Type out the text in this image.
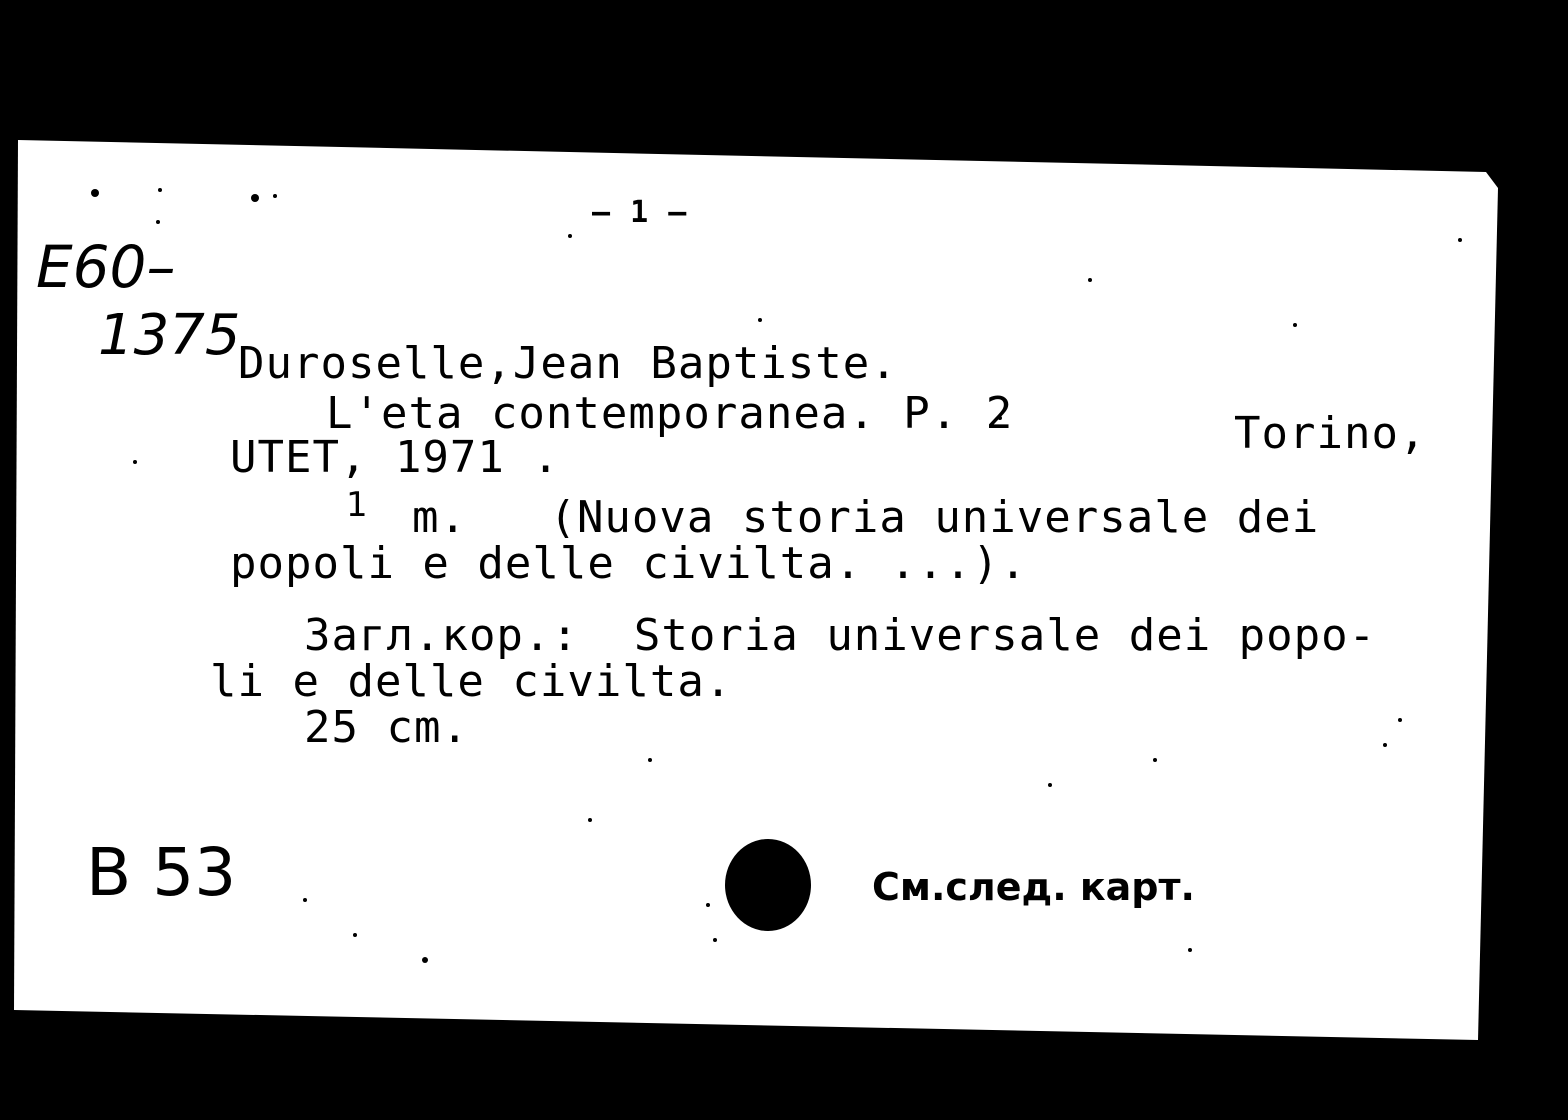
– 1 –
E60–
1375
Duroselle,Jean Baptiste.
L'eta contemporanea. P. 2	Torino,
UTET, 1971 .
1 m.   (Nuova storia universale dei
popoli e delle civilta. ...).
Загл.кор.:  Storia universale dei popo-
li e delle civilta.
25 cm.
B 53	См.след. карт.
